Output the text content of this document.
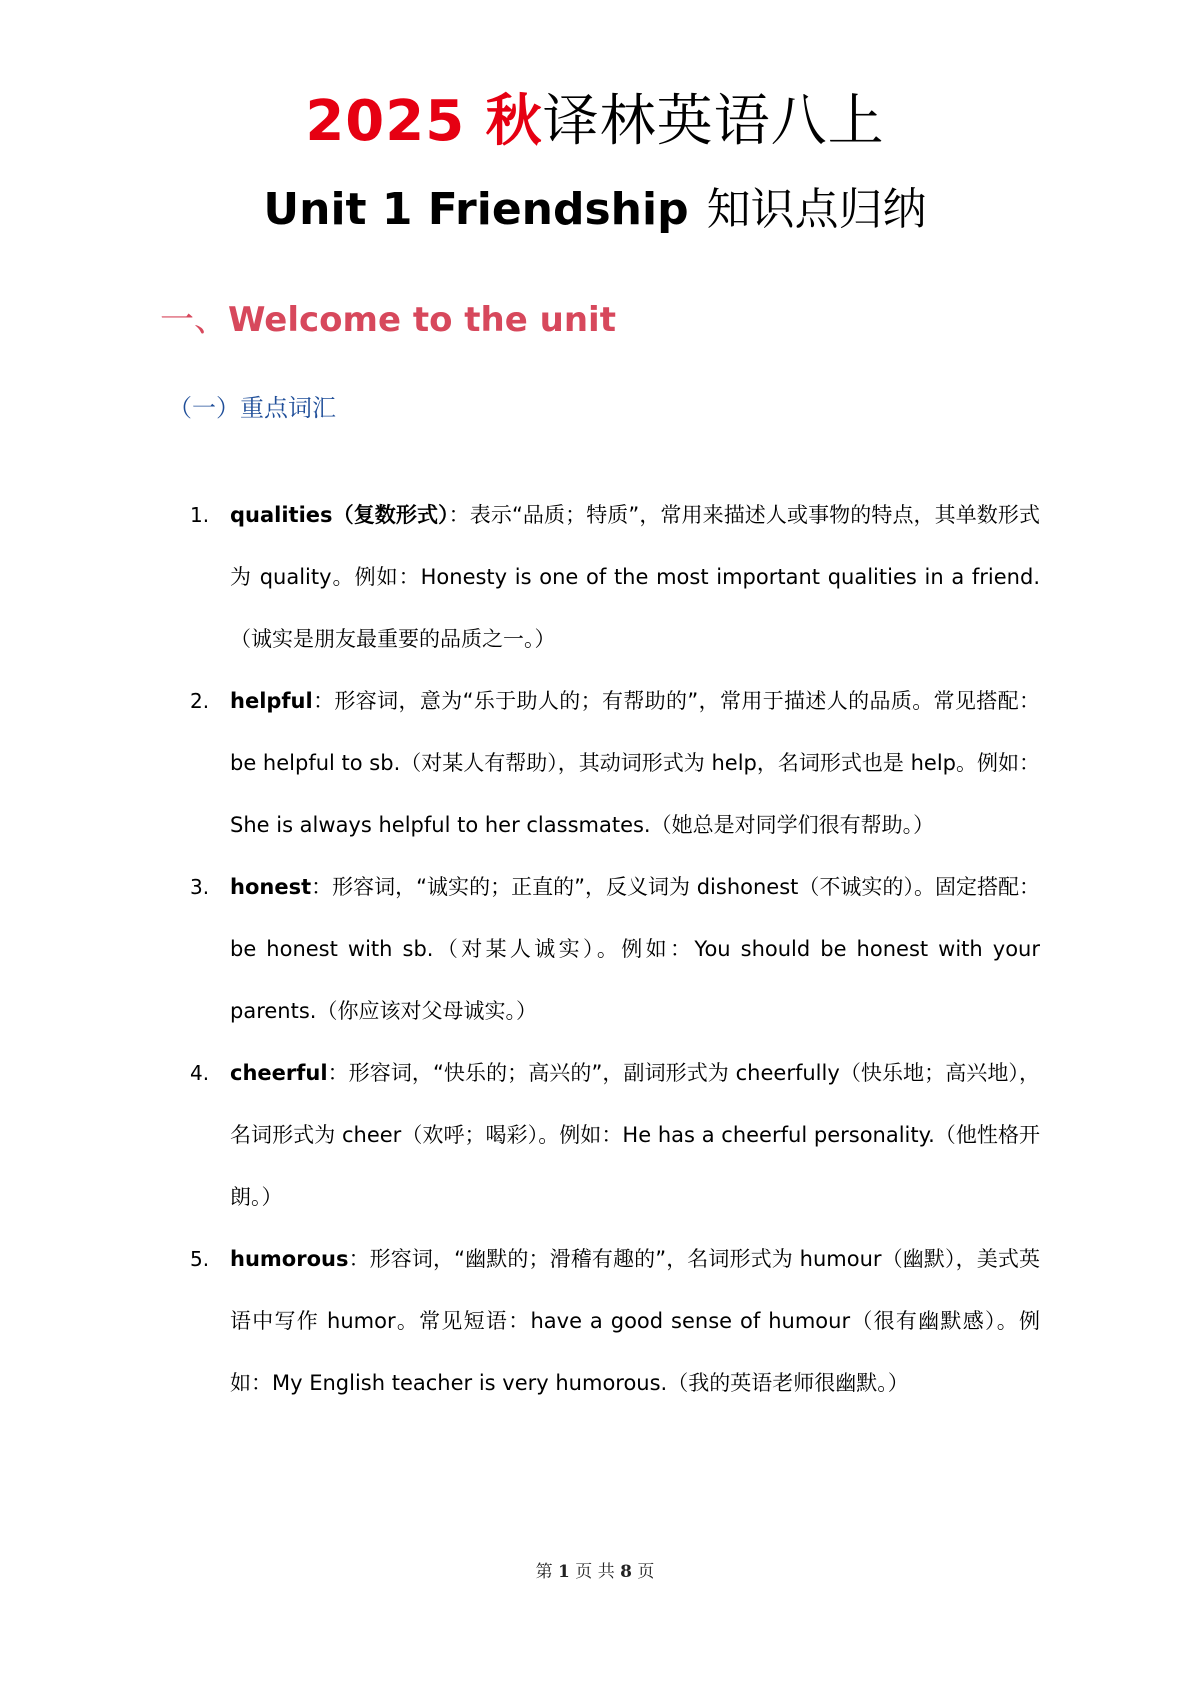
2025 秋译林英语八上
Unit 1 Friendship 知识点归纳
一、Welcome to the unit
（一）重点词汇
1. qualities（复数形式）：表示“品质；特质”，常用来描述人或事物的特点，其单数形式为 quality。例如：Honesty is one of the most important qualities in a friend.（诚实是朋友最重要的品质之一。）
2. helpful：形容词，意为“乐于助人的；有帮助的”，常用于描述人的品质。常见搭配：be helpful to sb.（对某人有帮助），其动词形式为 help，名词形式也是 help。例如：She is always helpful to her classmates.（她总是对同学们很有帮助。）
3. honest：形容词，“诚实的；正直的”，反义词为 dishonest（不诚实的）。固定搭配：be honest with sb.（对某人诚实）。例如：You should be honest with your parents.（你应该对父母诚实。）
4. cheerful：形容词，“快乐的；高兴的”，副词形式为 cheerfully（快乐地；高兴地），名词形式为 cheer（欢呼；喝彩）。例如：He has a cheerful personality.（他性格开朗。）
5. humorous：形容词，“幽默的；滑稽有趣的”，名词形式为 humour（幽默），美式英语中写作 humor。常见短语：have a good sense of humour（很有幽默感）。例如：My English teacher is very humorous.（我的英语老师很幽默。）
第 1 页 共 8 页
